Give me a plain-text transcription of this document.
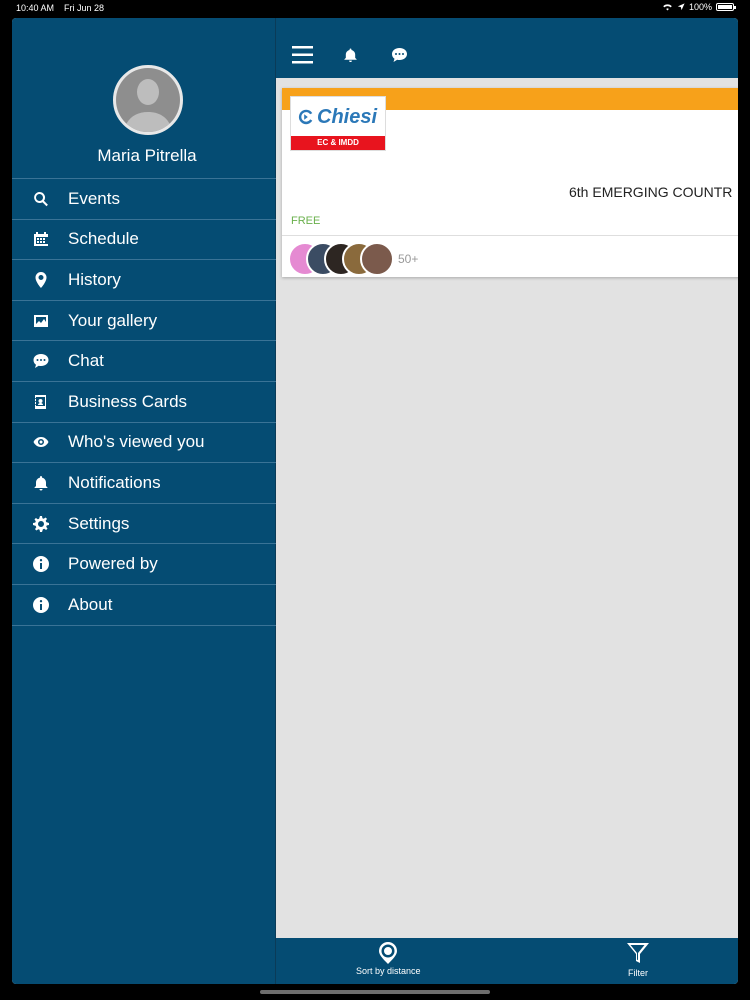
10:40 AM Fri Jun 28	100%
Maria Pitrella
Events
Schedule
History
Your gallery
Chat
Business Cards
Who's viewed you
Notifications
Settings
Powered by
About
Chiesi
EC & IMDD
6th EMERGING COUNTR
FREE
50+
Sort by distance	Filter
